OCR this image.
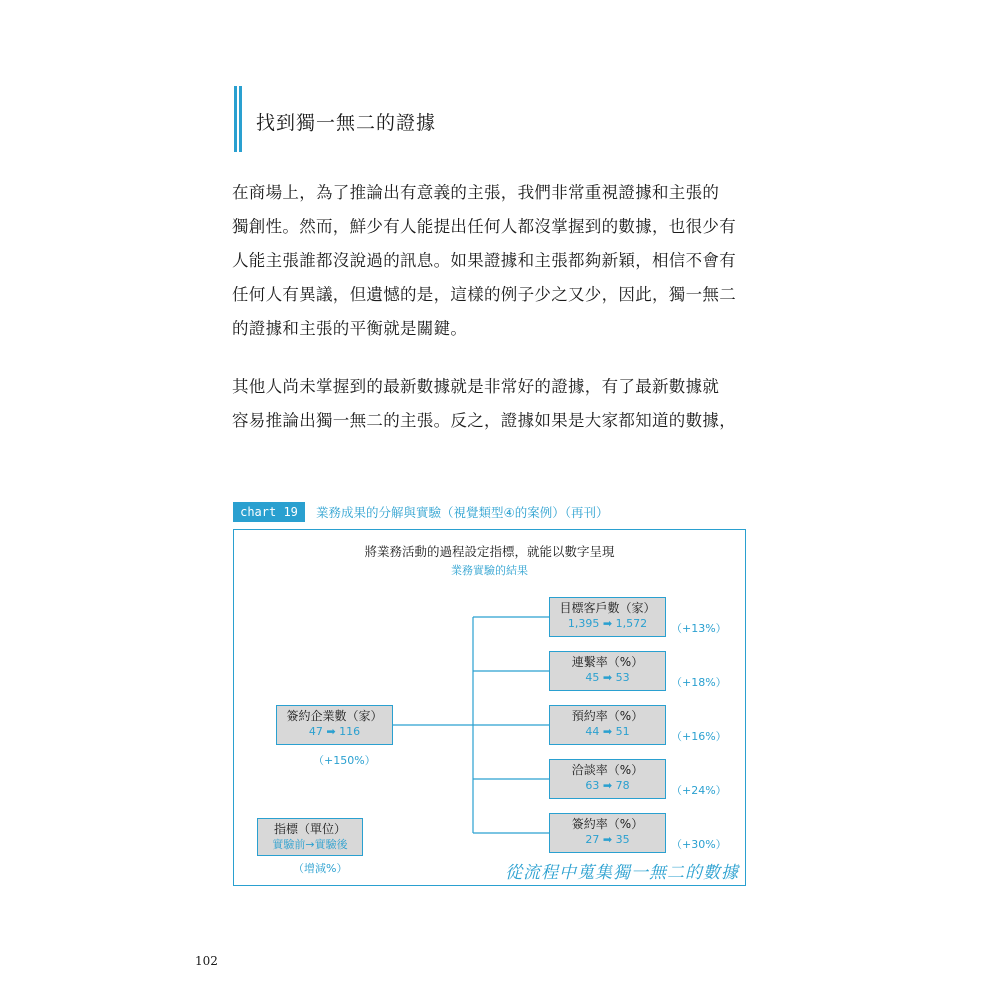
找到獨一無二的證據
在商場上，為了推論出有意義的主張，我們非常重視證據和主張的
獨創性。然而，鮮少有人能提出任何人都沒掌握到的數據，也很少有
人能主張誰都沒說過的訊息。如果證據和主張都夠新穎，相信不會有
任何人有異議，但遺憾的是，這樣的例子少之又少，因此，獨一無二
的證據和主張的平衡就是關鍵。
其他人尚未掌握到的最新數據就是非常好的證據，有了最新數據就
容易推論出獨一無二的主張。反之，證據如果是大家都知道的數據，
chart 19	業務成果的分解與實驗（視覺類型④的案例）（再刊）
將業務活動的過程設定指標，就能以數字呈現
業務實驗的結果
簽約企業數（家）
47 ➡ 116
（+150%）
目標客戶數（家）
1,395 ➡ 1,572	（+13%）
連繫率（%）
45 ➡ 53	（+18%）
預約率（%）
44 ➡ 51	（+16%）
洽談率（%）
63 ➡ 78	（+24%）
簽約率（%）
27 ➡ 35	（+30%）
指標（單位）
實驗前→實驗後
（增減%）	從流程中蒐集獨一無二的數據
102
